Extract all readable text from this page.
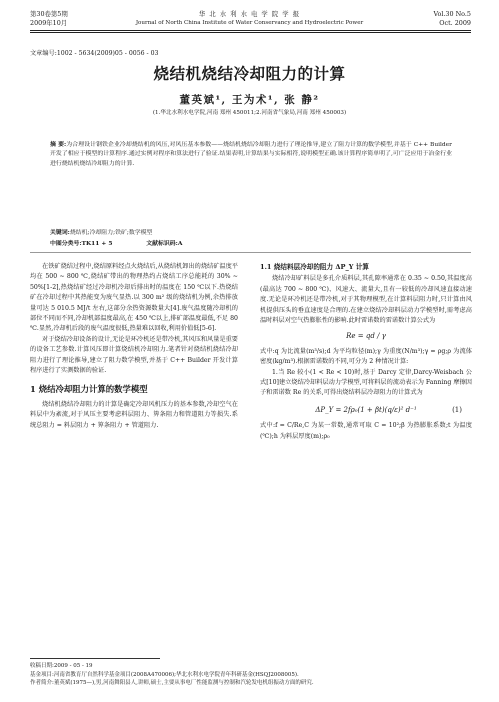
第30卷第5期
2009年10月
华 北 水 利 水 电 学 院 学 报
Journal of North China Institute of Water Conservancy and Hydroelectric Power
Vol.30 No.5
Oct. 2009
文章编号:1002 - 5634(2009)05 - 0056 - 03
烧结机烧结冷却阻力的计算
董英斌¹, 王为术¹, 张 静²
(1.华北水利水电学院,河南 郑州 450011;2.河南省气象局,河南 郑州 450003)
摘 要:为合理设计钢铁企业冷却烧结机的风压,对风压基本参数——烧结机烧结冷却阻力进行了理论推导,建立了阻力计算的数学模型,并基于 C++ Builder 开发了相应于模型的计算程序.通过实例对程序和算法进行了验证.结果表明,计算结果与实际相符,说明模型正确.该计算程序简单明了,可广泛应用于冶金行业进行烧结机烧结冷却阻力的计算.
关键词:烧结机;冷却阻力;铁矿;数学模型
中图分类号:TK11 + 5	文献标识码:A
在铁矿烧结过程中,烧结原料经点火烧结后,从烧结机卸出的烧结矿温度平均在 500 ~ 800 ℃,烧结矿带出的物理热约占烧结工序总能耗的 30% ~ 50%[1-2],热烧结矿经过冷却机冷却后排出时的温度在 150 ℃以下.热烧结矿在冷却过程中其热能变为废气显热.以 300 m² 级的烧结机为例,余热排放量可达 5 010.5 MJ/t 左右,这部分余热资源数量大[4].废气温度随冷却机的部位不同而不同,冷却机部温度最高,在 450 ℃以上,排矿部温度最低,不足 80 ℃.显然,冷却机后段的废气温度很低,热量难以回收,利用价值低[5-6].
对于烧结冷却设备的设计,无论是环冷机还是带冷机,其风压和风量是重要的设备工艺参数.计算风压即计算烧结机冷却阻力.笔者针对烧结机烧结冷却阻力进行了理论推导,建立了阻力数学模型,并基于 C++ Builder 开发计算程序进行了实测数据的验证.
1 烧结冷却阻力计算的数学模型
烧结机烧结冷却阻力的计算是确定冷却风机压力的基本参数,冷却空气在料层中为紊流,对于风压主要考虑料层阻力、箅条阻力和管道阻力等损失.系统总阻力 = 料层阻力 + 箅条阻力 + 管道阻力.
1.1 烧结料层冷却的阻力 ΔP_Y 计算
烧结冷却矿料层是多孔介质料层,其孔隙率通常在 0.35 ~ 0.50,其温度高(最高达 700 ~ 800 ℃)、风速大、流量大,且有一较低的冷却风速直接动速度.无论是环冷机还是带冷机,对于其物理模型,在计算料层阻力时,只计算由风机提供压头的垂直速度是合理的.在建立烧结冷却料层动力学模型时,需考虑高温时料层对空气热膨胀性的影响.此时雷诺数的雷诺数计算公式为
Re = qd / γ
式中:q 为比流量(m³/s);d 为平均粒径(m);γ 为重度(N/m³);γ = ρg;ρ 为流体密度(kg/m³).根据雷诺数的不同,可分为 2 种情况计算:
1.当 Re 较小(1 < Re < 10)时,基于 Darcy 定律,Darcy-Weisbach 公式[10]建立烧结冷却料层动力学模型,可将料层的流动表示为 Fanning 摩擦因子和雷诺数 Re 的关系,可得出烧结料层冷却阻力的计算式为
ΔP_Y = 2fρ₀(1 + βt)(q/ε)² d⁻¹	(1)
式中:f = C/Re,C 为某一常数,通常可取 C = 10²;β 为热膨胀系数;t 为温度(℃);h 为料层厚度(m);ρ₀
收稿日期:2009 - 05 - 19
基金项目:河南省教育厅自然科学基金项目(2008A470006);华北水利水电学院青年科研基金(HSQJ2008005).
作者简介:董英斌(1975—),男,河南舞阳县人,讲师,硕士,主要从事电厂性能监测与控制和汽轮发电机组振动方面的研究.
